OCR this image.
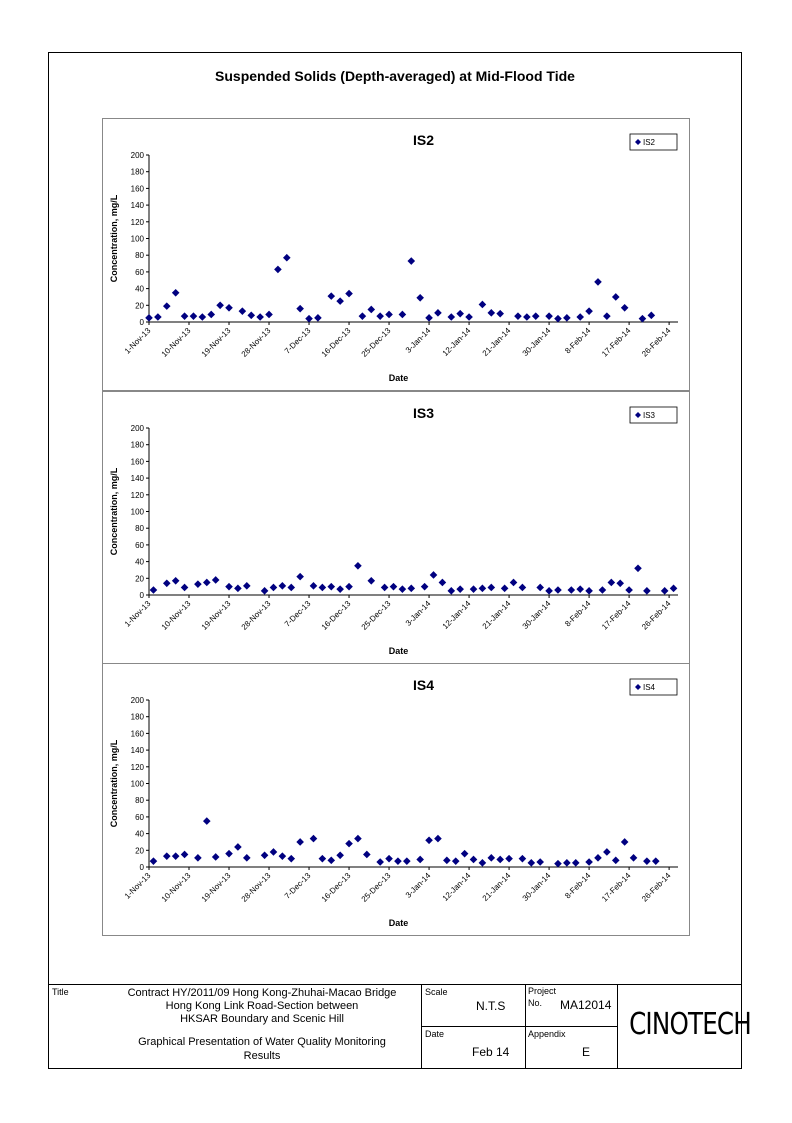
Suspended Solids (Depth-averaged) at Mid-Flood Tide
IS2
0
20
40
60
80
100
120
140
160
180
200
1-Nov-13 10-Nov-13 19-Nov-13 28-Nov-13 7-Dec-13 16-Dec-13 25-Dec-13 3-Jan-14 12-Jan-14 21-Jan-14 30-Jan-14 8-Feb-14 17-Feb-14 26-Feb-14
Date
Concentration, mg/L
IS2
IS3
0
20
40
60
80
100
120
140
160
180
200
1-Nov-13 10-Nov-13 19-Nov-13 28-Nov-13 7-Dec-13 16-Dec-13 25-Dec-13 3-Jan-14 12-Jan-14 21-Jan-14 30-Jan-14 8-Feb-14 17-Feb-14 26-Feb-14
Date
Concentration, mg/L
IS3
IS4
0
20
40
60
80
100
120
140
160
180
200
1-Nov-13 10-Nov-13 19-Nov-13 28-Nov-13 7-Dec-13 16-Dec-13 25-Dec-13 3-Jan-14 12-Jan-14 21-Jan-14 30-Jan-14 8-Feb-14 17-Feb-14 26-Feb-14
Date
Concentration, mg/L
IS4
Title	Contract HY/2011/09 Hong Kong-Zhuhai-Macao Bridge
Hong Kong Link Road-Section between
HKSAR Boundary and Scenic Hill
Graphical Presentation of Water Quality Monitoring
Results
Scale
N.T.S
Date
Feb 14
Project
No. MA12014
Appendix
E
CINOTECH
